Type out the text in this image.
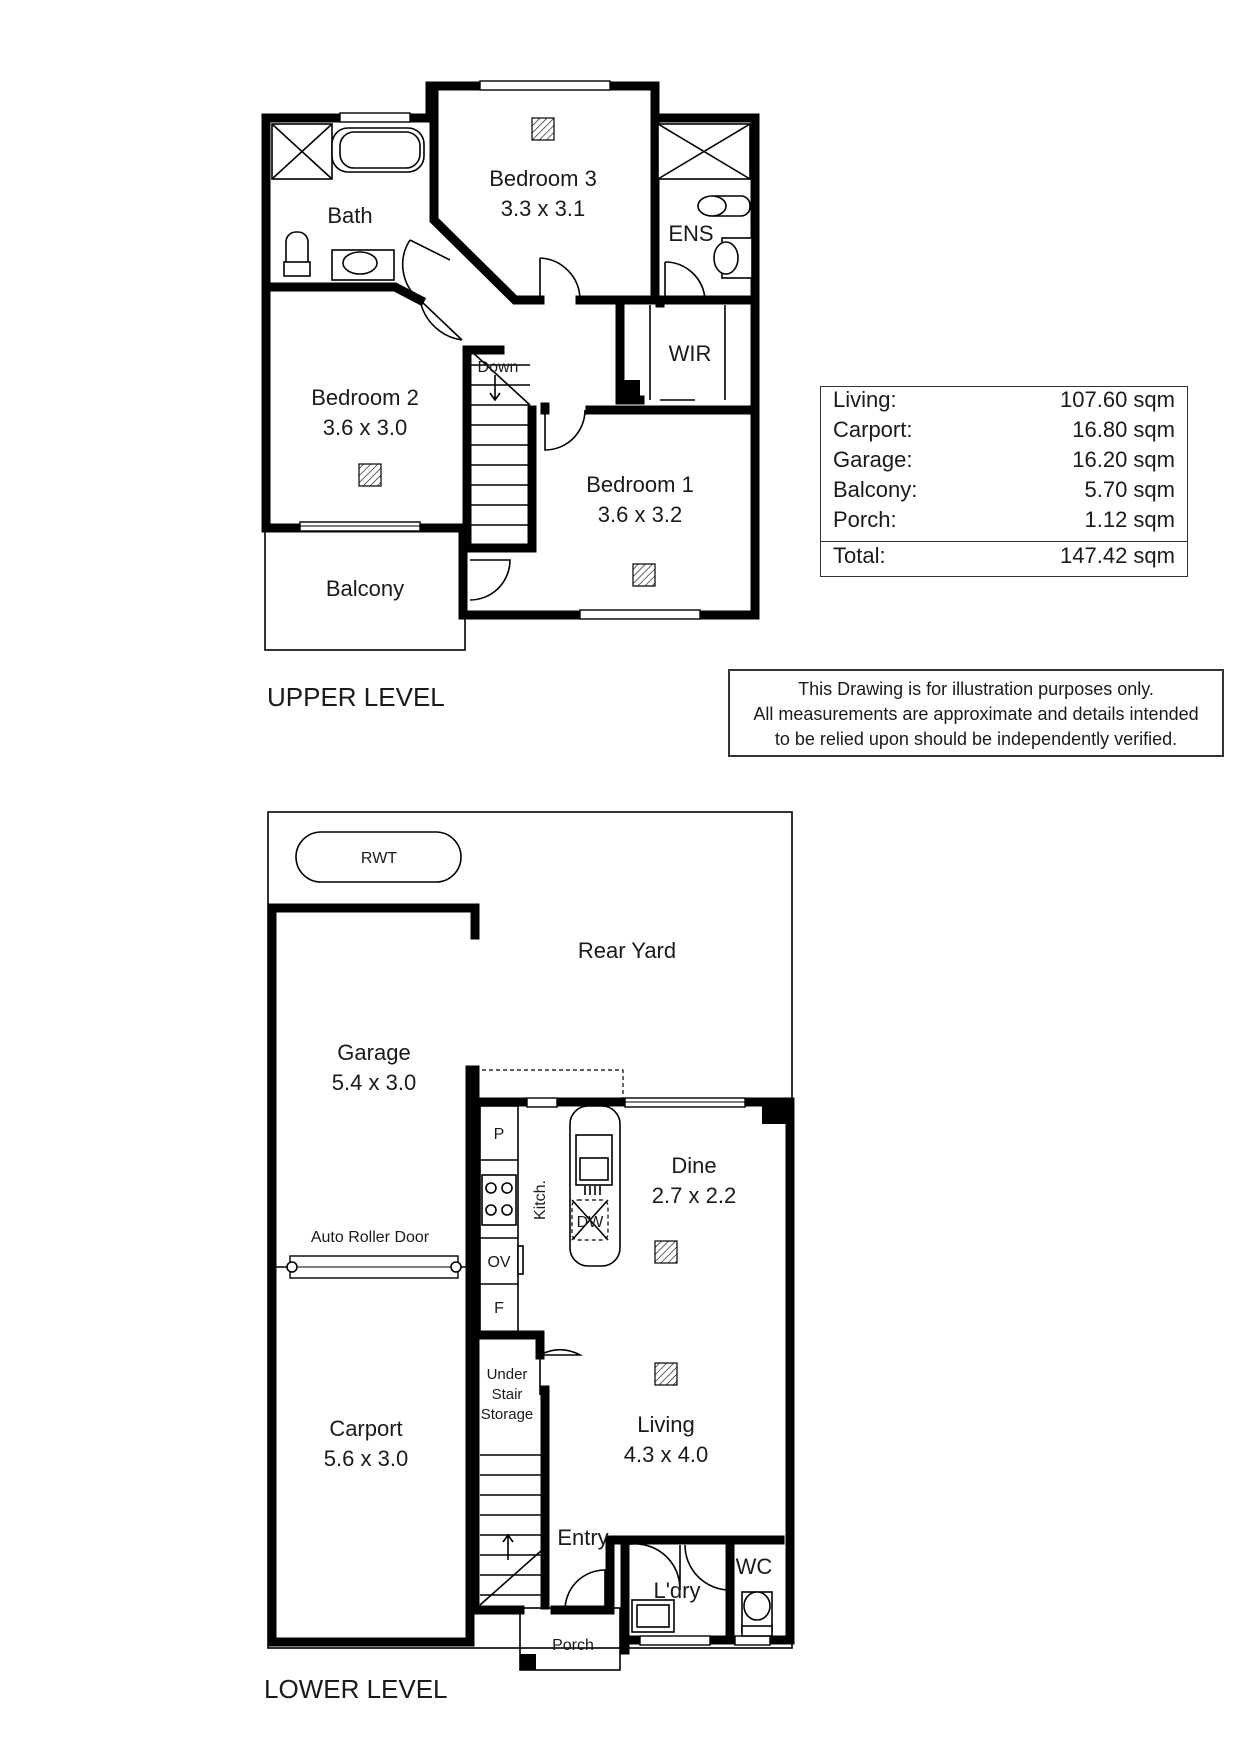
Bedroom 3
3.3 x 3.1
Bath
ENS
WIR
Bedroom 2
3.6 x 3.0
Bedroom 1
3.6 x 3.2
Balcony
Down
UPPER LEVEL
RWT
Rear Yard
Garage
5.4 x 3.0
Auto Roller Door
Carport
5.6 x 3.0
Kitch.
P
OV
F
DW
Dine
2.7 x 2.2
Under
Stair
Storage	Living
4.3 x 4.0
Entry
L'dry
WC
Porch
LOWER LEVEL
Living:	107.60 sqm
Carport:	16.80 sqm
Garage:	16.20 sqm
Balcony:	5.70 sqm
Porch:	1.12 sqm
Total:	147.42 sqm
This Drawing is for illustration purposes only.
All measurements are approximate and details intended
to be relied upon should be independently verified.
